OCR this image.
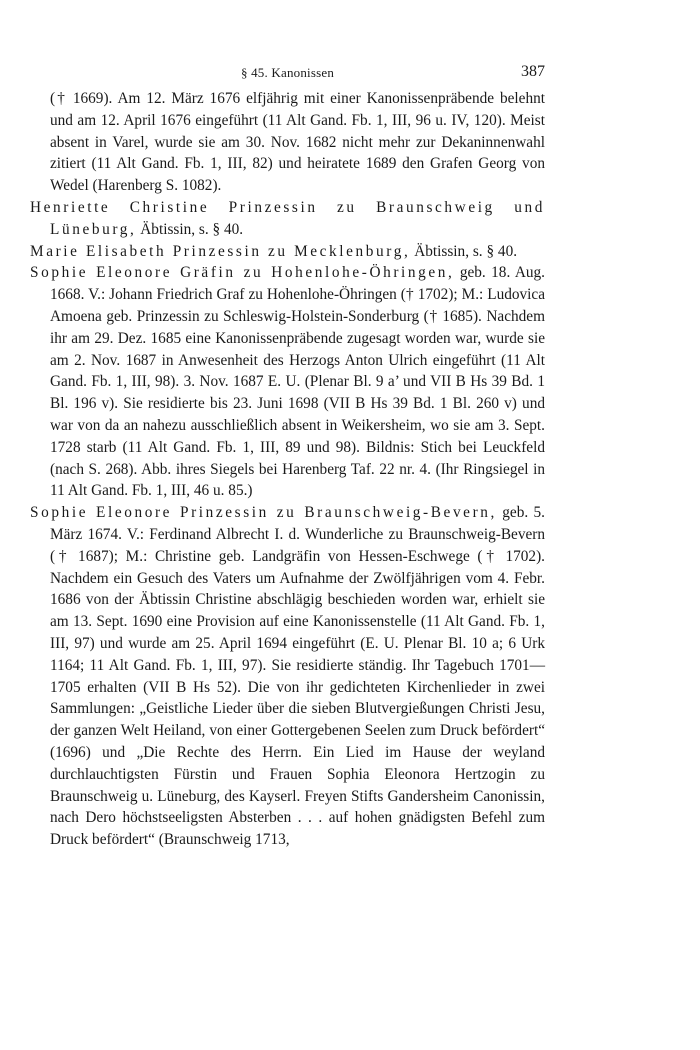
§ 45. Kanonissen	387

(† 1669). Am 12. März 1676 elfjährig mit einer Kanonissenpräbende belehnt und am 12. April 1676 eingeführt (11 Alt Gand. Fb. 1, III, 96 u. IV, 120). Meist absent in Varel, wurde sie am 30. Nov. 1682 nicht mehr zur Dekaninnenwahl zitiert (11 Alt Gand. Fb. 1, III, 82) und heiratete 1689 den Grafen Georg von Wedel (Harenberg S. 1082).

Henriette Christine Prinzessin zu Braunschweig und Lüneburg, Äbtissin, s. § 40.

Marie Elisabeth Prinzessin zu Mecklenburg, Äbtissin, s. § 40.

Sophie Eleonore Gräfin zu Hohenlohe-Öhringen, geb. 18. Aug. 1668. V.: Johann Friedrich Graf zu Hohenlohe-Öhringen († 1702); M.: Ludovica Amoena geb. Prinzessin zu Schleswig-Holstein-Sonderburg († 1685). Nachdem ihr am 29. Dez. 1685 eine Kanonissenpräbende zugesagt worden war, wurde sie am 2. Nov. 1687 in Anwesenheit des Herzogs Anton Ulrich eingeführt (11 Alt Gand. Fb. 1, III, 98). 3. Nov. 1687 E. U. (Plenar Bl. 9 a’ und VII B Hs 39 Bd. 1 Bl. 196 v). Sie residierte bis 23. Juni 1698 (VII B Hs 39 Bd. 1 Bl. 260 v) und war von da an nahezu ausschließlich absent in Weikersheim, wo sie am 3. Sept. 1728 starb (11 Alt Gand. Fb. 1, III, 89 und 98). Bildnis: Stich bei Leuckfeld (nach S. 268). Abb. ihres Siegels bei Harenberg Taf. 22 nr. 4. (Ihr Ringsiegel in 11 Alt Gand. Fb. 1, III, 46 u. 85.)

Sophie Eleonore Prinzessin zu Braunschweig-Bevern, geb. 5. März 1674. V.: Ferdinand Albrecht I. d. Wunderliche zu Braunschweig-Bevern († 1687); M.: Christine geb. Landgräfin von Hessen-Eschwege († 1702). Nachdem ein Gesuch des Vaters um Aufnahme der Zwölfjährigen vom 4. Febr. 1686 von der Äbtissin Christine abschlägig beschieden worden war, erhielt sie am 13. Sept. 1690 eine Provision auf eine Kanonissenstelle (11 Alt Gand. Fb. 1, III, 97) und wurde am 25. April 1694 eingeführt (E. U. Plenar Bl. 10 a; 6 Urk 1164; 11 Alt Gand. Fb. 1, III, 97). Sie residierte ständig. Ihr Tagebuch 1701—1705 erhalten (VII B Hs 52). Die von ihr gedichteten Kirchenlieder in zwei Sammlungen: „Geistliche Lieder über die sieben Blutvergießungen Christi Jesu, der ganzen Welt Heiland, von einer Gottergebenen Seelen zum Druck befördert“ (1696) und „Die Rechte des Herrn. Ein Lied im Hause der weyland durchlauchtigsten Fürstin und Frauen Sophia Eleonora Hertzogin zu Braunschweig u. Lüneburg, des Kayserl. Freyen Stifts Gandersheim Canonissin, nach Dero höchstseeligsten Absterben . . . auf hohen gnädigsten Befehl zum Druck befördert“ (Braunschweig 1713,
